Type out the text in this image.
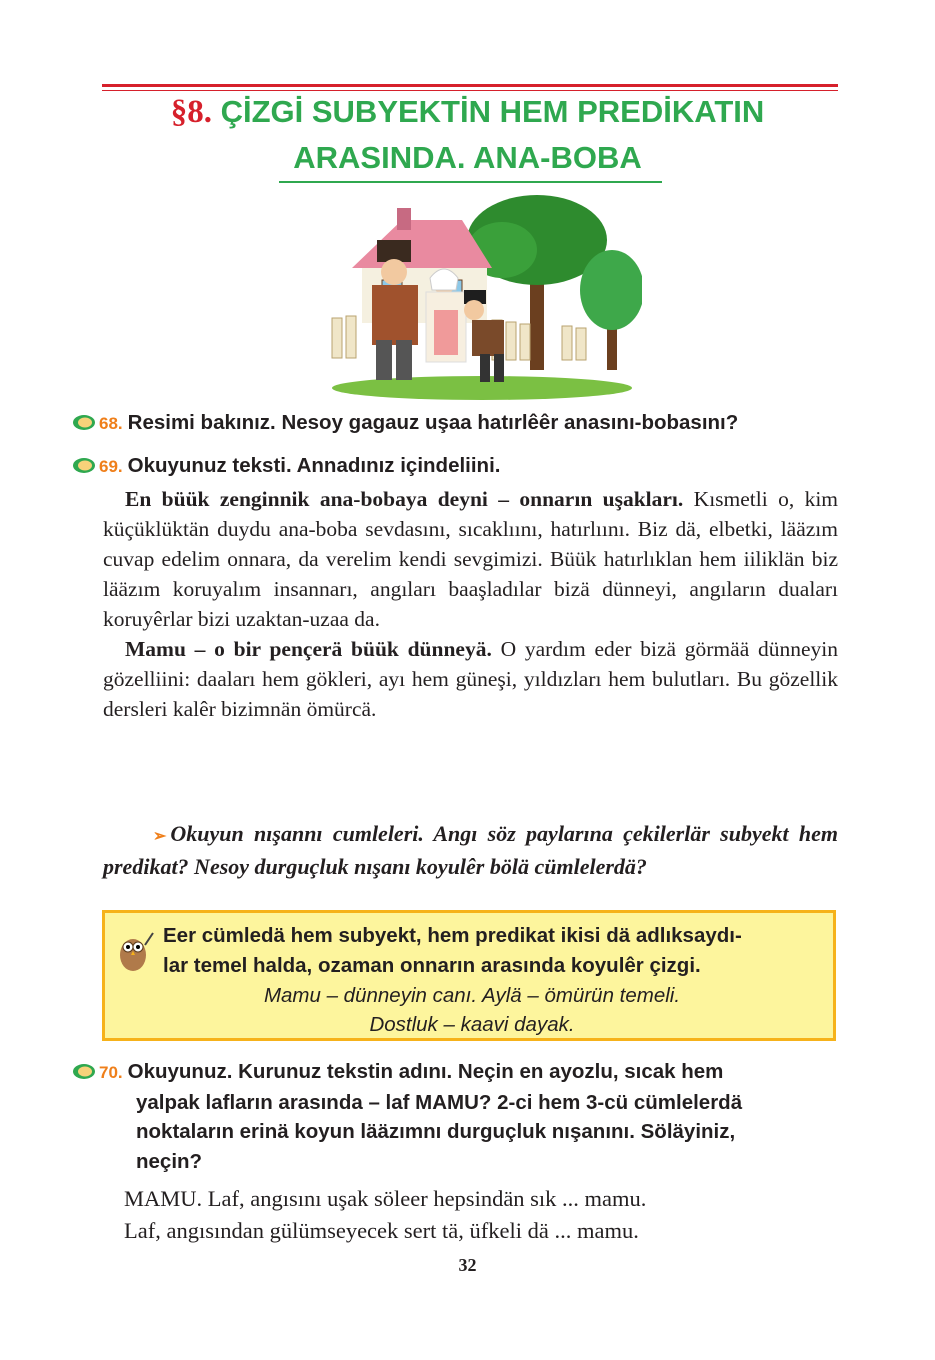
§8. ÇİZGİ SUBYEKTİN HEM PREDİKATIN
ARASINDA. ANA-BOBA
68. Resimi bakınız. Nesoy gagauz uşaa hatırlêêr anasını-bobasını?
69. Okuyunuz teksti. Annadınız içindeliini.

En büük zenginnik ana-bobaya deyni – onnarın uşakları. Kısmetli o, kim küçüklüktän duydu ana-boba sevdasını, sıcaklıını, hatırlıını. Biz dä, elbetki, lääzım cuvap edelim onnara, da verelim kendi sevgimizi. Büük hatırlıklan hem iiliklän biz lääzım koruyalım insannarı, angıları baaşladılar bizä dünneyi, angıların duaları koruyêrlar bizi uzaktan-uzaa da.

Mamu – o bir pençerä büük dünneyä. O yardım eder bizä görmää dünneyin gözelliini: daaları hem gökleri, ayı hem güneşi, yıldızları hem bulutları. Bu gözellik dersleri kalêr bizimnän ömürcä.

➢ Okuyun nışannı cumleleri. Angı söz paylarına çekilerlär subyekt hem predikat? Nesoy durguçluk nışanı koyulêr bölä cümlelerdä?
Eer cümledä hem subyekt, hem predikat ikisi dä adlıksaydı-
lar temel halda, ozaman onnarın arasında koyulêr çizgi.
Mamu – dünneyin canı. Aylä – ömürün temeli.
Dostluk – kaavi dayak.
70. Okuyunuz. Kurunuz tekstin adını. Neçin en ayozlu, sıcak hem
yalpak lafların arasında – laf MAMU? 2-ci hem 3-cü cümlelerdä
noktaların erinä koyun lääzımnı durguçluk nışanını. Söläyiniz,
neçin?
MAMU. Laf, angısını uşak söleer hepsindän sık ... mamu.
Laf, angısından gülümseyecek sert tä, üfkeli dä ... mamu.
32
